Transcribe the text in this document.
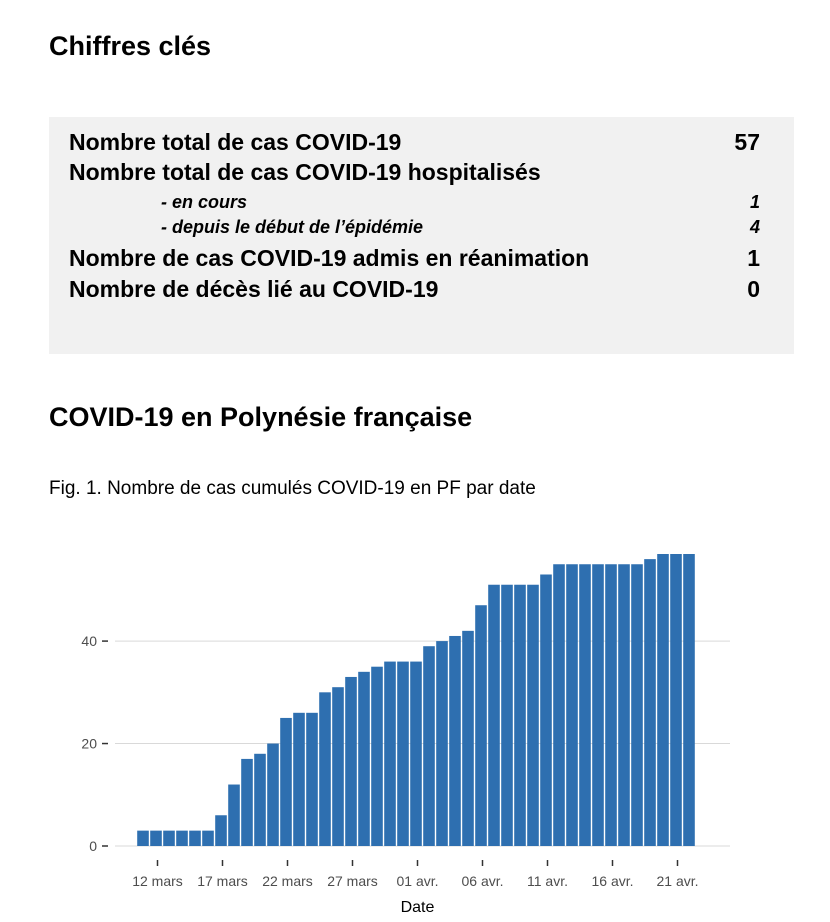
Chiffres clés
Nombre total de cas COVID-19	57
Nombre total de cas COVID-19 hospitalisés
- en cours	1
- depuis le début de l’épidémie	4
Nombre de cas COVID-19 admis en réanimation	1
Nombre de décès lié au COVID-19	0
COVID-19 en Polynésie française

Fig. 1. Nombre de cas cumulés COVID-19 en PF par date

0
20
40
12 mars 17 mars 22 mars 27 mars 01 avr. 06 avr. 11 avr. 16 avr. 21 avr.
Date
